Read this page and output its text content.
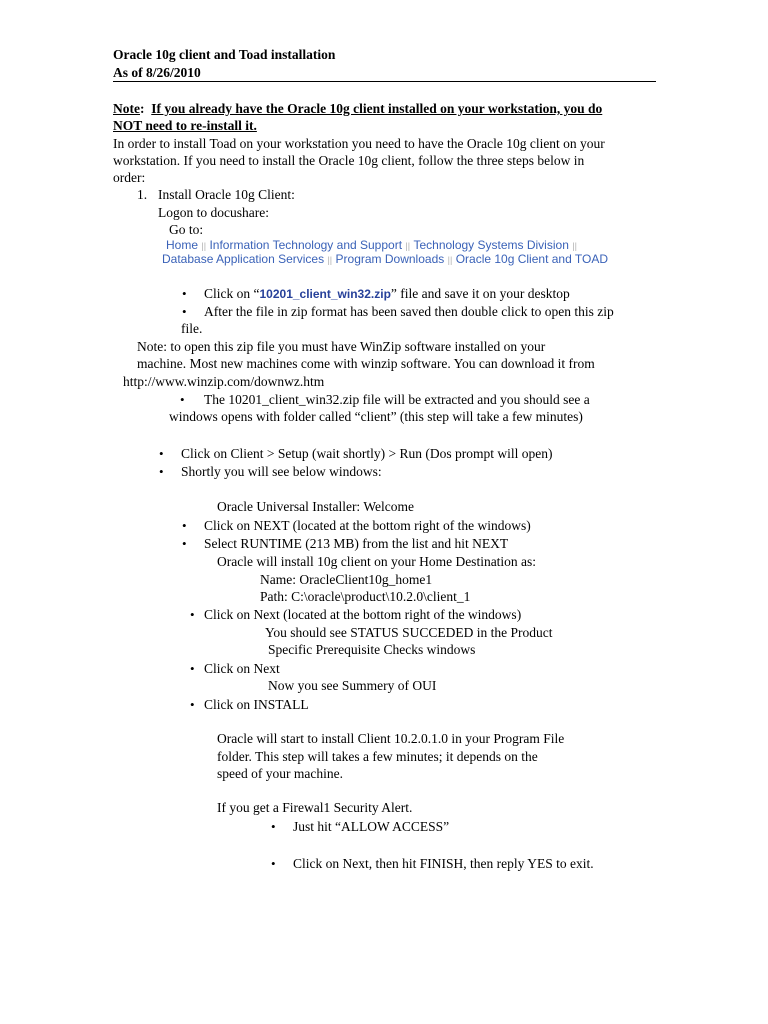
Oracle 10g client and Toad installation
As of 8/26/2010
Note: If you already have the Oracle 10g client installed on your workstation, you do
NOT need to re-install it.
In order to install Toad on your workstation you need to have the Oracle 10g client on your
workstation. If you need to install the Oracle 10g client, follow the three steps below in
order:
1. Install Oracle 10g Client:
Logon to docushare:
Go to:
Home || Information Technology and Support || Technology Systems Division ||
Database Application Services || Program Downloads || Oracle 10g Client and TOAD
• Click on “10201_client_win32.zip” file and save it on your desktop
• After the file in zip format has been saved then double click to open this zip
file.
Note: to open this zip file you must have WinZip software installed on your
machine. Most new machines come with winzip software. You can download it from
http://www.winzip.com/downwz.htm
• The 10201_client_win32.zip file will be extracted and you should see a
windows opens with folder called “client” (this step will take a few minutes)
• Click on Client > Setup (wait shortly) > Run (Dos prompt will open)
• Shortly you will see below windows:
Oracle Universal Installer: Welcome
• Click on NEXT (located at the bottom right of the windows)
• Select RUNTIME (213 MB) from the list and hit NEXT
Oracle will install 10g client on your Home Destination as:
Name: OracleClient10g_home1
Path: C:\oracle\product\10.2.0\client_1
• Click on Next (located at the bottom right of the windows)
You should see STATUS SUCCEDED in the Product
Specific Prerequisite Checks windows
• Click on Next
Now you see Summery of OUI
• Click on INSTALL
Oracle will start to install Client 10.2.0.1.0 in your Program File
folder. This step will takes a few minutes; it depends on the
speed of your machine.
If you get a Firewal1 Security Alert.
• Just hit “ALLOW ACCESS”
• Click on Next, then hit FINISH, then reply YES to exit.
